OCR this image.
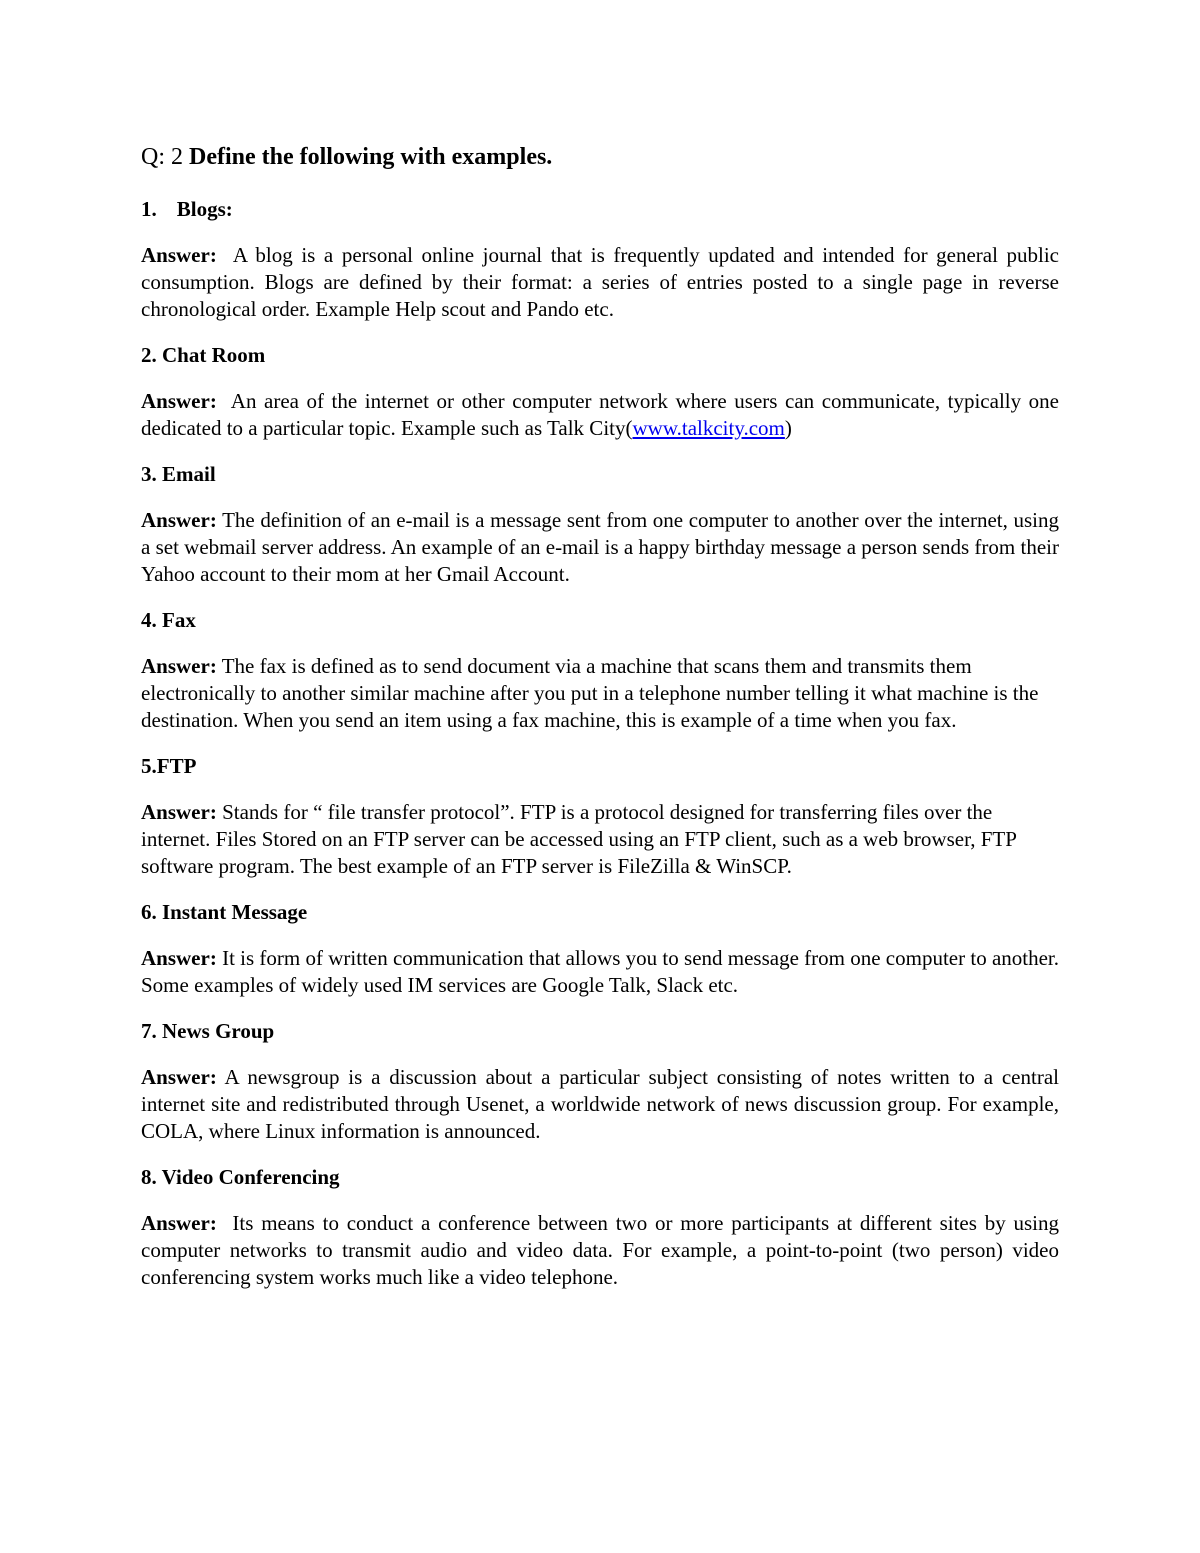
Q: 2 Define the following with examples.
1. Blogs:

Answer: A blog is a personal online journal that is frequently updated and intended for general public consumption. Blogs are defined by their format: a series of entries posted to a single page in reverse chronological order. Example Help scout and Pando etc.

2. Chat Room

Answer: An area of the internet or other computer network where users can communicate, typically one dedicated to a particular topic. Example such as Talk City(www.talkcity.com)

3. Email

Answer: The definition of an e-mail is a message sent from one computer to another over the internet, using a set webmail server address. An example of an e-mail is a happy birthday message a person sends from their Yahoo account to their mom at her Gmail Account.

4. Fax

Answer: The fax is defined as to send document via a machine that scans them and transmits them electronically to another similar machine after you put in a telephone number telling it what machine is the destination. When you send an item using a fax machine, this is example of a time when you fax.

5.FTP

Answer: Stands for “ file transfer protocol”. FTP is a protocol designed for transferring files over the internet. Files Stored on an FTP server can be accessed using an FTP client, such as a web browser, FTP software program. The best example of an FTP server is FileZilla & WinSCP.

6. Instant Message

Answer: It is form of written communication that allows you to send message from one computer to another. Some examples of widely used IM services are Google Talk, Slack etc.

7. News Group

Answer: A newsgroup is a discussion about a particular subject consisting of notes written to a central internet site and redistributed through Usenet, a worldwide network of news discussion group. For example, COLA, where Linux information is announced.

8. Video Conferencing

Answer: Its means to conduct a conference between two or more participants at different sites by using computer networks to transmit audio and video data. For example, a point-to-point (two person) video conferencing system works much like a video telephone.
